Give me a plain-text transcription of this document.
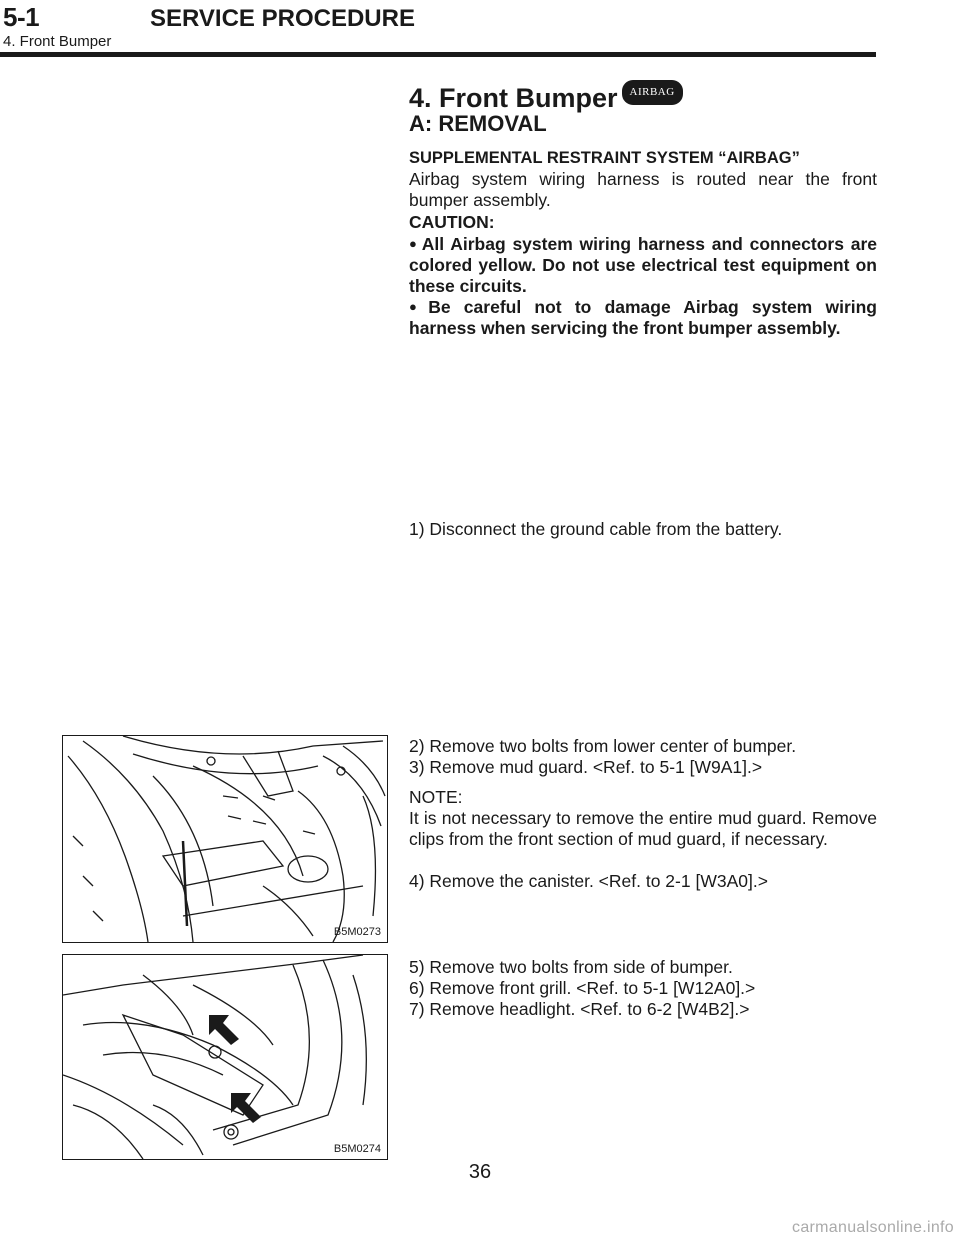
5-1	SERVICE PROCEDURE
4. Front Bumper
4. Front Bumper AIRBAG
A: REMOVAL
SUPPLEMENTAL RESTRAINT SYSTEM “AIRBAG”
Airbag system wiring harness is routed near the front bumper assembly.
CAUTION:
● All Airbag system wiring harness and connectors are colored yellow. Do not use electrical test equipment on these circuits.
● Be careful not to damage Airbag system wiring harness when servicing the front bumper assembly.
1) Disconnect the ground cable from the battery.
2) Remove two bolts from lower center of bumper.
3) Remove mud guard. <Ref. to 5-1 [W9A1].>
NOTE:
It is not necessary to remove the entire mud guard. Remove clips from the front section of mud guard, if necessary.
4) Remove the canister. <Ref. to 2-1 [W3A0].>
5) Remove two bolts from side of bumper.
6) Remove front grill. <Ref. to 5-1 [W12A0].>
7) Remove headlight. <Ref. to 6-2 [W4B2].>
B5M0273
B5M0274
36
carmanualsonline.info
